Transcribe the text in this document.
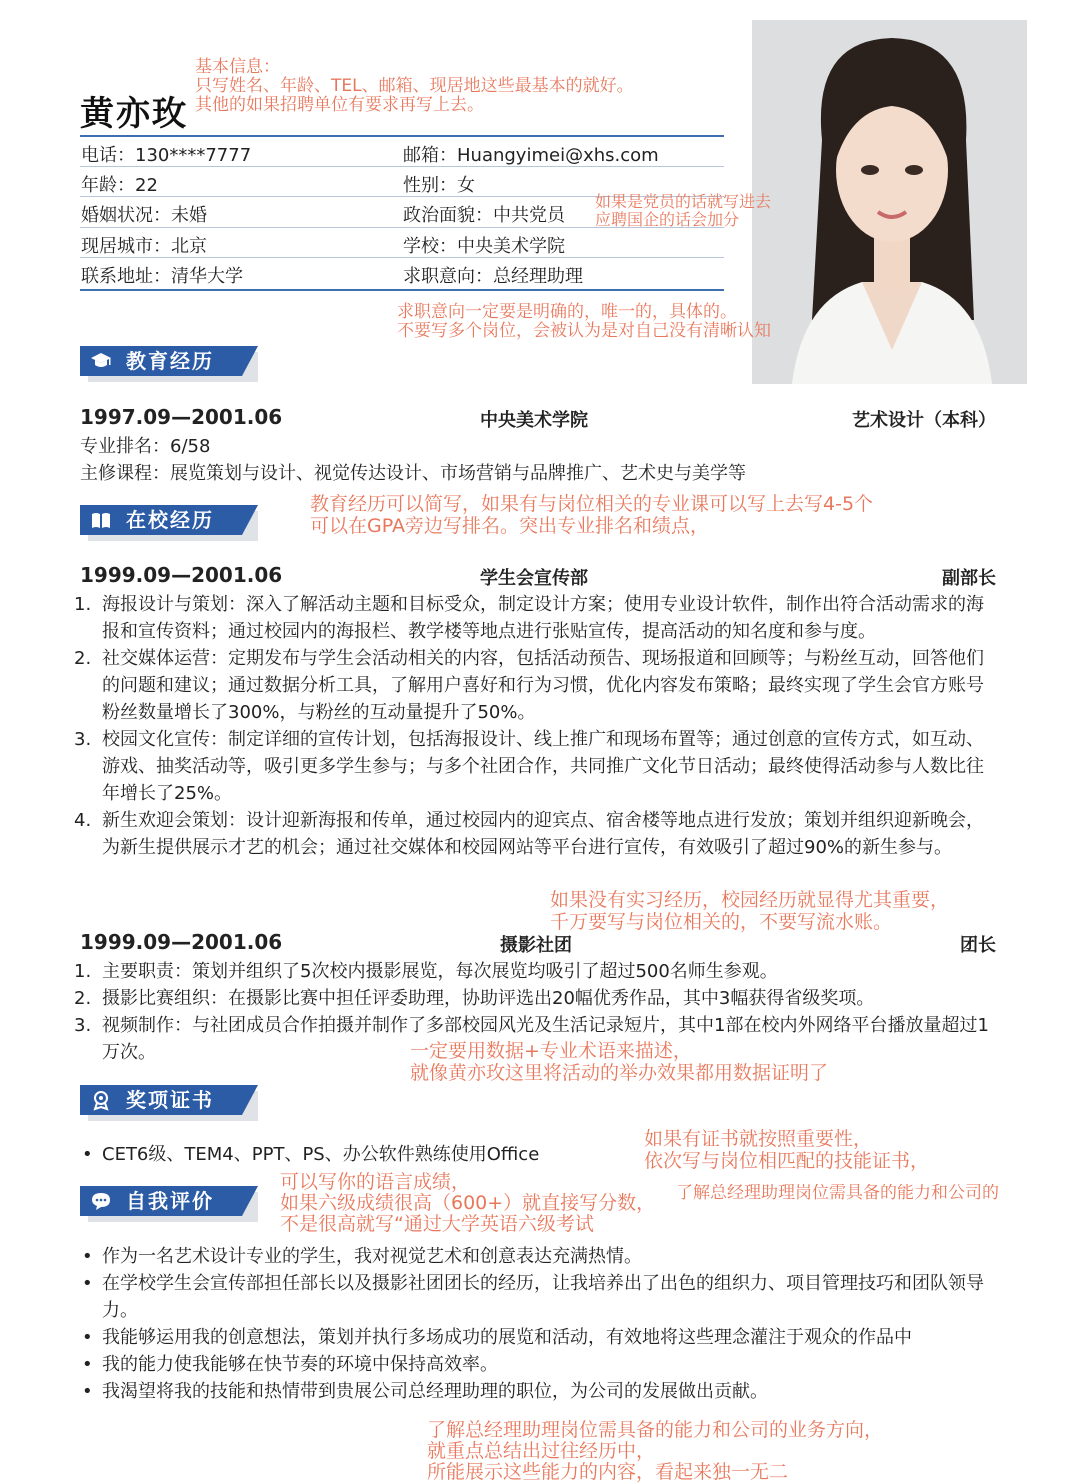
黄亦玫
基本信息：
只写姓名、年龄、TEL、邮箱、现居地这些最基本的就好。
其他的如果招聘单位有要求再写上去。
电话：130****7777	邮箱：Huangyimei@xhs.com
年龄：22	性别：女
婚姻状况：未婚	政治面貌：中共党员
现居城市：北京	学校：中央美术学院
联系地址：清华大学	求职意向：总经理助理
如果是党员的话就写进去
应聘国企的话会加分
求职意向一定要是明确的，唯一的，具体的。
不要写多个岗位，会被认为是对自己没有清晰认知
教育经历
1997.09—2001.06	中央美术学院	艺术设计（本科）
专业排名：6/58
主修课程：展览策划与设计、视觉传达设计、市场营销与品牌推广、艺术史与美学等
教育经历可以简写，如果有与岗位相关的专业课可以写上去写4-5个
可以在GPA旁边写排名。突出专业排名和绩点，
在校经历
1999.09—2001.06	学生会宣传部	副部长
1. 海报设计与策划：深入了解活动主题和目标受众，制定设计方案；使用专业设计软件，制作出符合活动需求的海报和宣传资料；通过校园内的海报栏、教学楼等地点进行张贴宣传，提高活动的知名度和参与度。
2. 社交媒体运营：定期发布与学生会活动相关的内容，包括活动预告、现场报道和回顾等；与粉丝互动，回答他们的问题和建议；通过数据分析工具，了解用户喜好和行为习惯，优化内容发布策略；最终实现了学生会官方账号粉丝数量增长了300%，与粉丝的互动量提升了50%。
3. 校园文化宣传：制定详细的宣传计划，包括海报设计、线上推广和现场布置等；通过创意的宣传方式，如互动、游戏、抽奖活动等，吸引更多学生参与；与多个社团合作，共同推广文化节日活动；最终使得活动参与人数比往年增长了25%。
4. 新生欢迎会策划：设计迎新海报和传单，通过校园内的迎宾点、宿舍楼等地点进行发放；策划并组织迎新晚会，为新生提供展示才艺的机会；通过社交媒体和校园网站等平台进行宣传，有效吸引了超过90%的新生参与。
如果没有实习经历，校园经历就显得尤其重要，
千万要写与岗位相关的，不要写流水账。
1999.09—2001.06	摄影社团	团长
1. 主要职责：策划并组织了5次校内摄影展览，每次展览均吸引了超过500名师生参观。
2. 摄影比赛组织：在摄影比赛中担任评委助理，协助评选出20幅优秀作品，其中3幅获得省级奖项。
3. 视频制作：与社团成员合作拍摄并制作了多部校园风光及生活记录短片，其中1部在校内外网络平台播放量超过1万次。	一定要用数据+专业术语来描述，
就像黄亦玫这里将活动的举办效果都用数据证明了
奖项证书
• CET6级、TEM4、PPT、PS、办公软件熟练使用Office
如果有证书就按照重要性，
依次写与岗位相匹配的技能证书，
自我评价
可以写你的语言成绩，
如果六级成绩很高（600+）就直接写分数，
不是很高就写“通过大学英语六级考试
了解总经理助理岗位需具备的能力和公司的
• 作为一名艺术设计专业的学生，我对视觉艺术和创意表达充满热情。
• 在学校学生会宣传部担任部长以及摄影社团团长的经历，让我培养出了出色的组织力、项目管理技巧和团队领导力。
• 我能够运用我的创意想法，策划并执行多场成功的展览和活动，有效地将这些理念灌注于观众的作品中
• 我的能力使我能够在快节奏的环境中保持高效率。
• 我渴望将我的技能和热情带到贵展公司总经理助理的职位，为公司的发展做出贡献。
了解总经理助理岗位需具备的能力和公司的业务方向，
就重点总结出过往经历中，
所能展示这些能力的内容，看起来独一无二
